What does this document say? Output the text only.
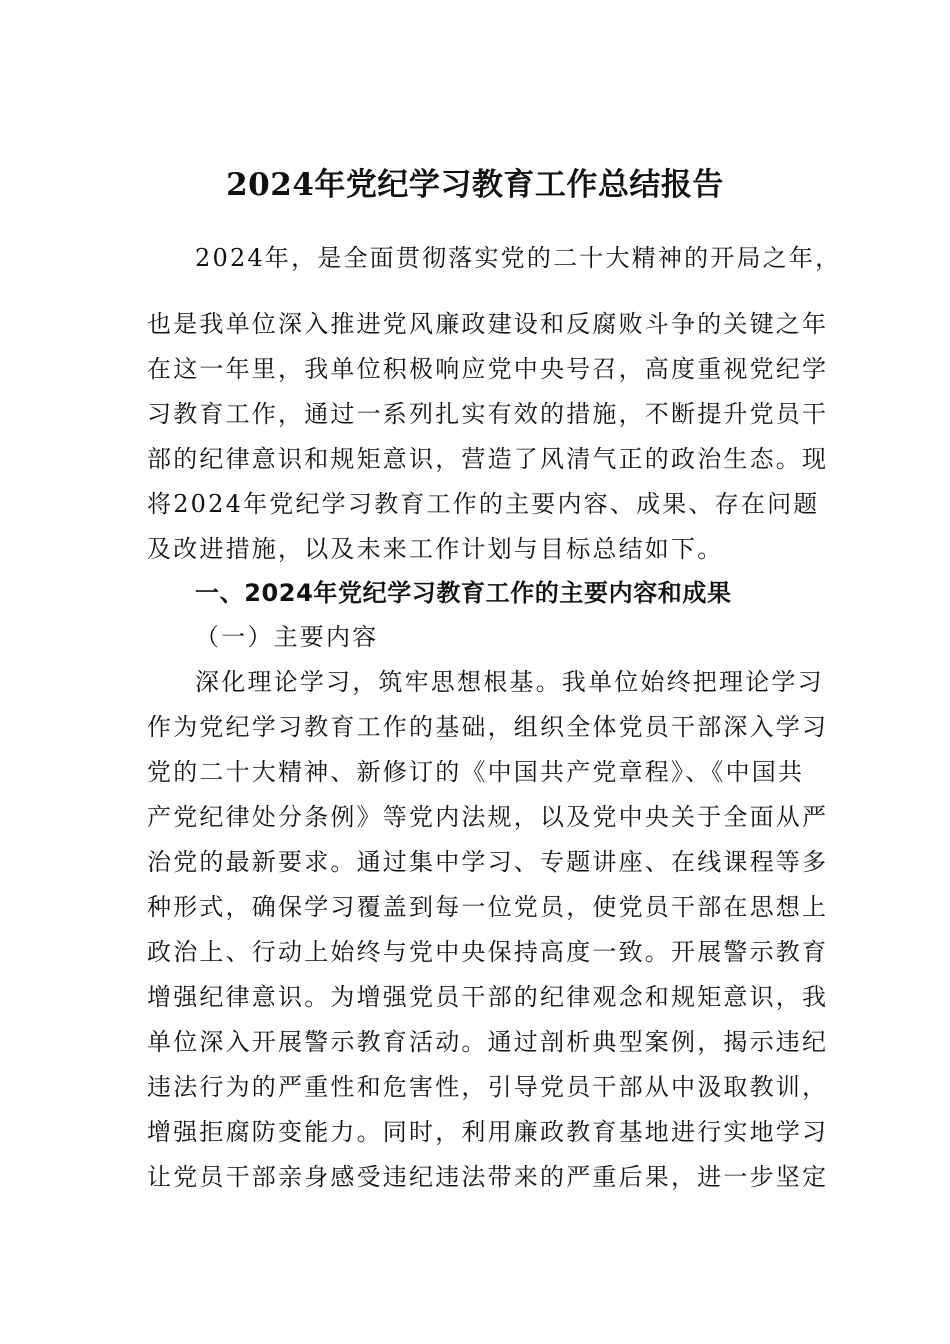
2024年党纪学习教育工作总结报告
2024年，是全面贯彻落实党的二十大精神的开局之年，
也是我单位深入推进党风廉政建设和反腐败斗争的关键之年
在这一年里，我单位积极响应党中央号召，高度重视党纪学
习教育工作，通过一系列扎实有效的措施，不断提升党员干
部的纪律意识和规矩意识，营造了风清气正的政治生态。现
将2024年党纪学习教育工作的主要内容、成果、存在问题
及改进措施，以及未来工作计划与目标总结如下。
一、2024年党纪学习教育工作的主要内容和成果
（一）主要内容
深化理论学习，筑牢思想根基。我单位始终把理论学习
作为党纪学习教育工作的基础，组织全体党员干部深入学习
党的二十大精神、新修订的《中国共产党章程》、《中国共
产党纪律处分条例》等党内法规，以及党中央关于全面从严
治党的最新要求。通过集中学习、专题讲座、在线课程等多
种形式，确保学习覆盖到每一位党员，使党员干部在思想上
政治上、行动上始终与党中央保持高度一致。开展警示教育
增强纪律意识。为增强党员干部的纪律观念和规矩意识，我
单位深入开展警示教育活动。通过剖析典型案例，揭示违纪
违法行为的严重性和危害性，引导党员干部从中汲取教训，
增强拒腐防变能力。同时，利用廉政教育基地进行实地学习
让党员干部亲身感受违纪违法带来的严重后果，进一步坚定
